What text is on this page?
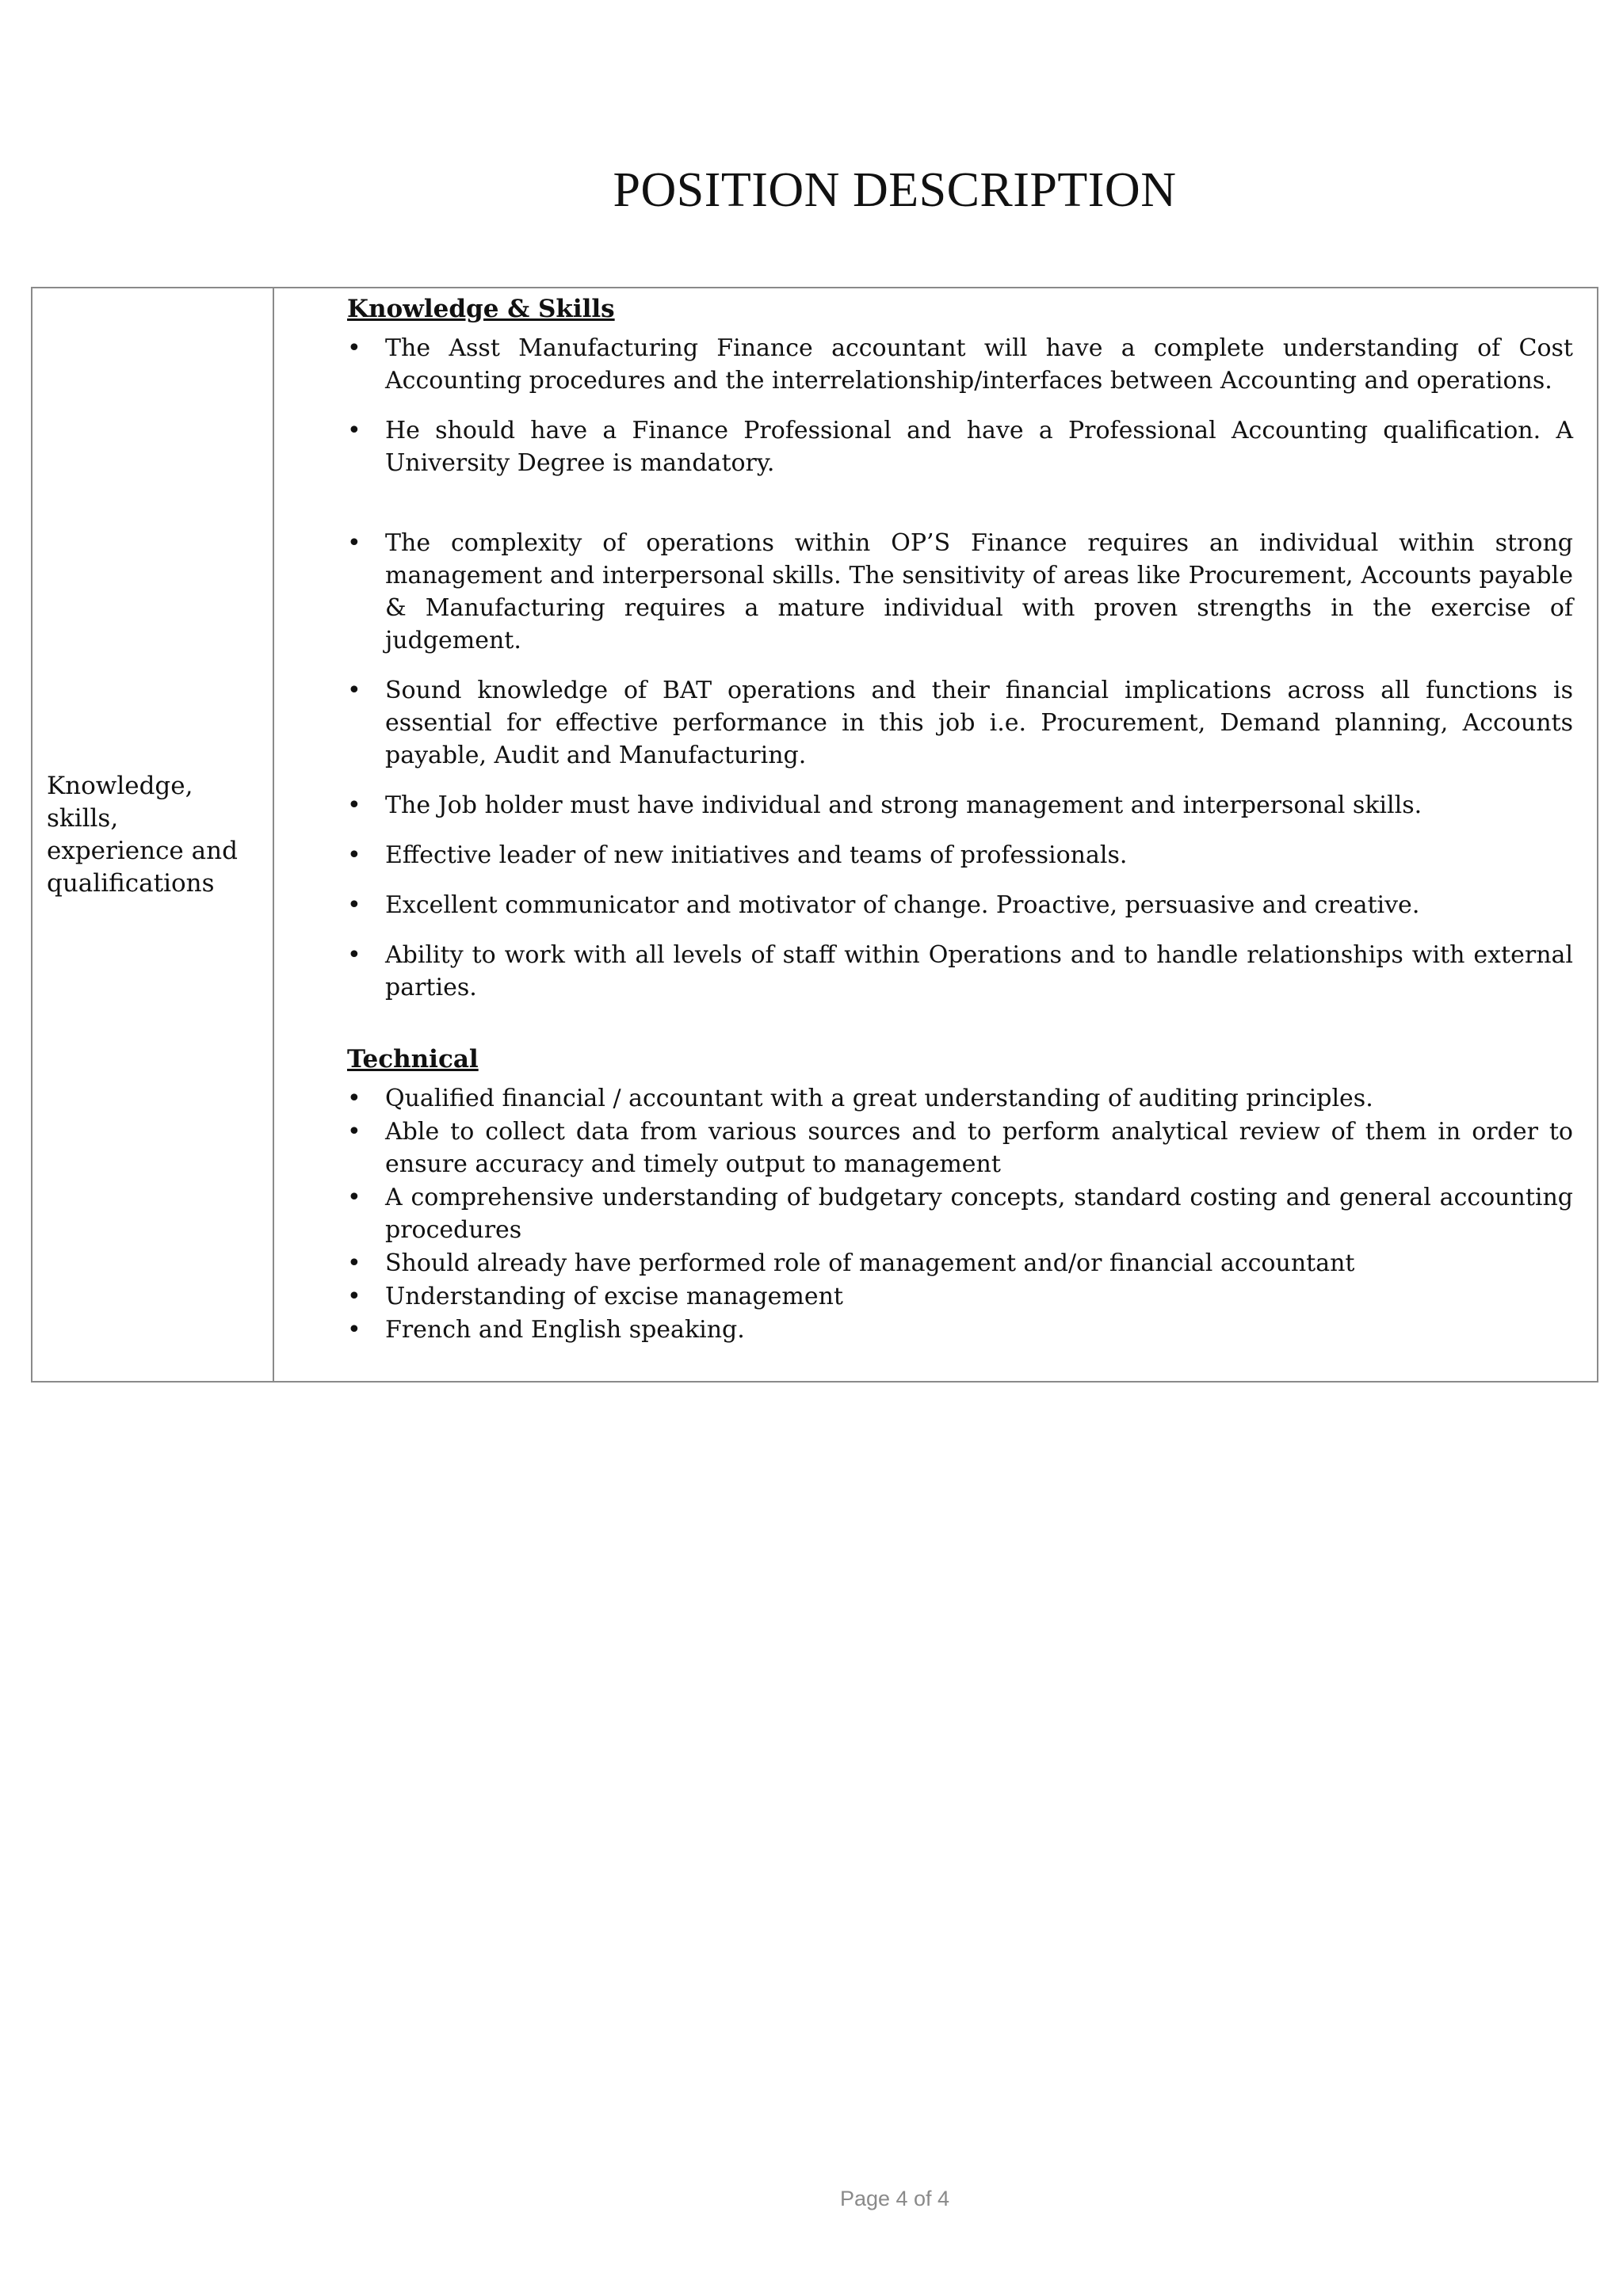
POSITION DESCRIPTION
Knowledge, skills, experience and qualifications	
Knowledge & Skills
• The Asst Manufacturing Finance accountant will have a complete understanding of Cost Accounting procedures and the interrelationship/interfaces between Accounting and operations.
• He should have a Finance Professional and have a Professional Accounting qualification. A University Degree is mandatory.
• The complexity of operations within OP’S Finance requires an individual within strong management and interpersonal skills. The sensitivity of areas like Procurement, Accounts payable & Manufacturing requires a mature individual with proven strengths in the exercise of judgement.
• Sound knowledge of BAT operations and their financial implications across all functions is essential for effective performance in this job i.e. Procurement, Demand planning, Accounts payable, Audit and Manufacturing.
• The Job holder must have individual and strong management and interpersonal skills.
• Effective leader of new initiatives and teams of professionals.
• Excellent communicator and motivator of change. Proactive, persuasive and creative.
• Ability to work with all levels of staff within Operations and to handle relationships with external parties.
Technical
• Qualified financial / accountant with a great understanding of auditing principles.
• Able to collect data from various sources and to perform analytical review of them in order to ensure accuracy and timely output to management
• A comprehensive understanding of budgetary concepts, standard costing and general accounting procedures
• Should already have performed role of management and/or financial accountant
• Understanding of excise management
• French and English speaking.
Page 4 of 4
